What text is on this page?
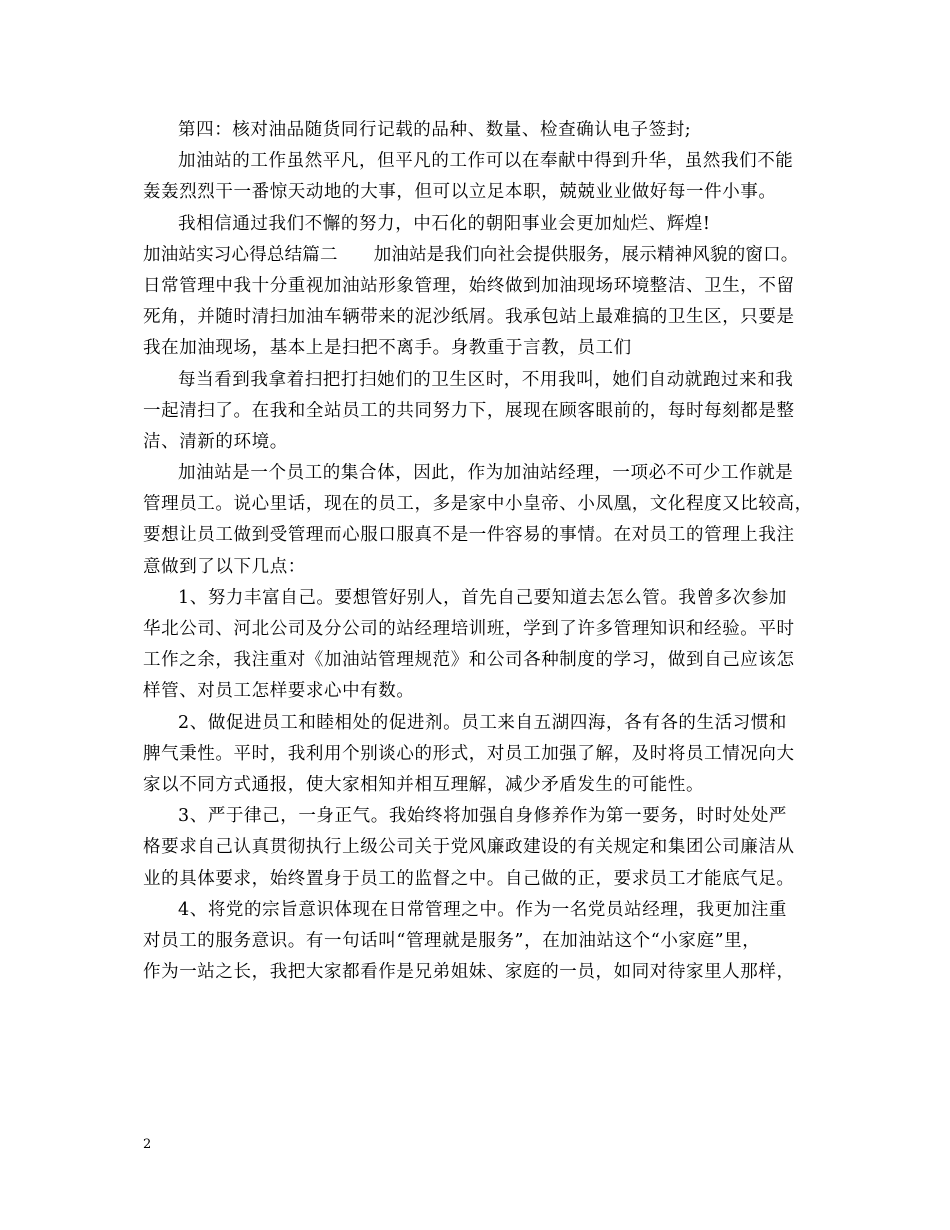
第四：核对油品随货同行记载的品种、数量、检查确认电子签封;
加油站的工作虽然平凡，但平凡的工作可以在奉献中得到升华，虽然我们不能
轰轰烈烈干一番惊天动地的大事，但可以立足本职，兢兢业业做好每一件小事。
我相信通过我们不懈的努力，中石化的朝阳事业会更加灿烂、辉煌!
加油站实习心得总结篇二 加油站是我们向社会提供服务，展示精神风貌的窗口。
日常管理中我十分重视加油站形象管理，始终做到加油现场环境整洁、卫生，不留
死角，并随时清扫加油车辆带来的泥沙纸屑。我承包站上最难搞的卫生区，只要是
我在加油现场，基本上是扫把不离手。身教重于言教，员工们
每当看到我拿着扫把打扫她们的卫生区时，不用我叫，她们自动就跑过来和我
一起清扫了。在我和全站员工的共同努力下，展现在顾客眼前的，每时每刻都是整
洁、清新的环境。
加油站是一个员工的集合体，因此，作为加油站经理，一项必不可少工作就是
管理员工。说心里话，现在的员工，多是家中小皇帝、小凤凰，文化程度又比较高，
要想让员工做到受管理而心服口服真不是一件容易的事情。在对员工的管理上我注
意做到了以下几点：
1、努力丰富自己。要想管好别人，首先自己要知道去怎么管。我曾多次参加
华北公司、河北公司及分公司的站经理培训班，学到了许多管理知识和经验。平时
工作之余，我注重对《加油站管理规范》和公司各种制度的学习，做到自己应该怎
样管、对员工怎样要求心中有数。
2、做促进员工和睦相处的促进剂。员工来自五湖四海，各有各的生活习惯和
脾气秉性。平时，我利用个别谈心的形式，对员工加强了解，及时将员工情况向大
家以不同方式通报，使大家相知并相互理解，减少矛盾发生的可能性。
3、严于律己，一身正气。我始终将加强自身修养作为第一要务，时时处处严
格要求自己认真贯彻执行上级公司关于党风廉政建设的有关规定和集团公司廉洁从
业的具体要求，始终置身于员工的监督之中。自己做的正，要求员工才能底气足。
4、将党的宗旨意识体现在日常管理之中。作为一名党员站经理，我更加注重
对员工的服务意识。有一句话叫“管理就是服务”，在加油站这个“小家庭”里，
作为一站之长，我把大家都看作是兄弟姐妹、家庭的一员，如同对待家里人那样，
2
